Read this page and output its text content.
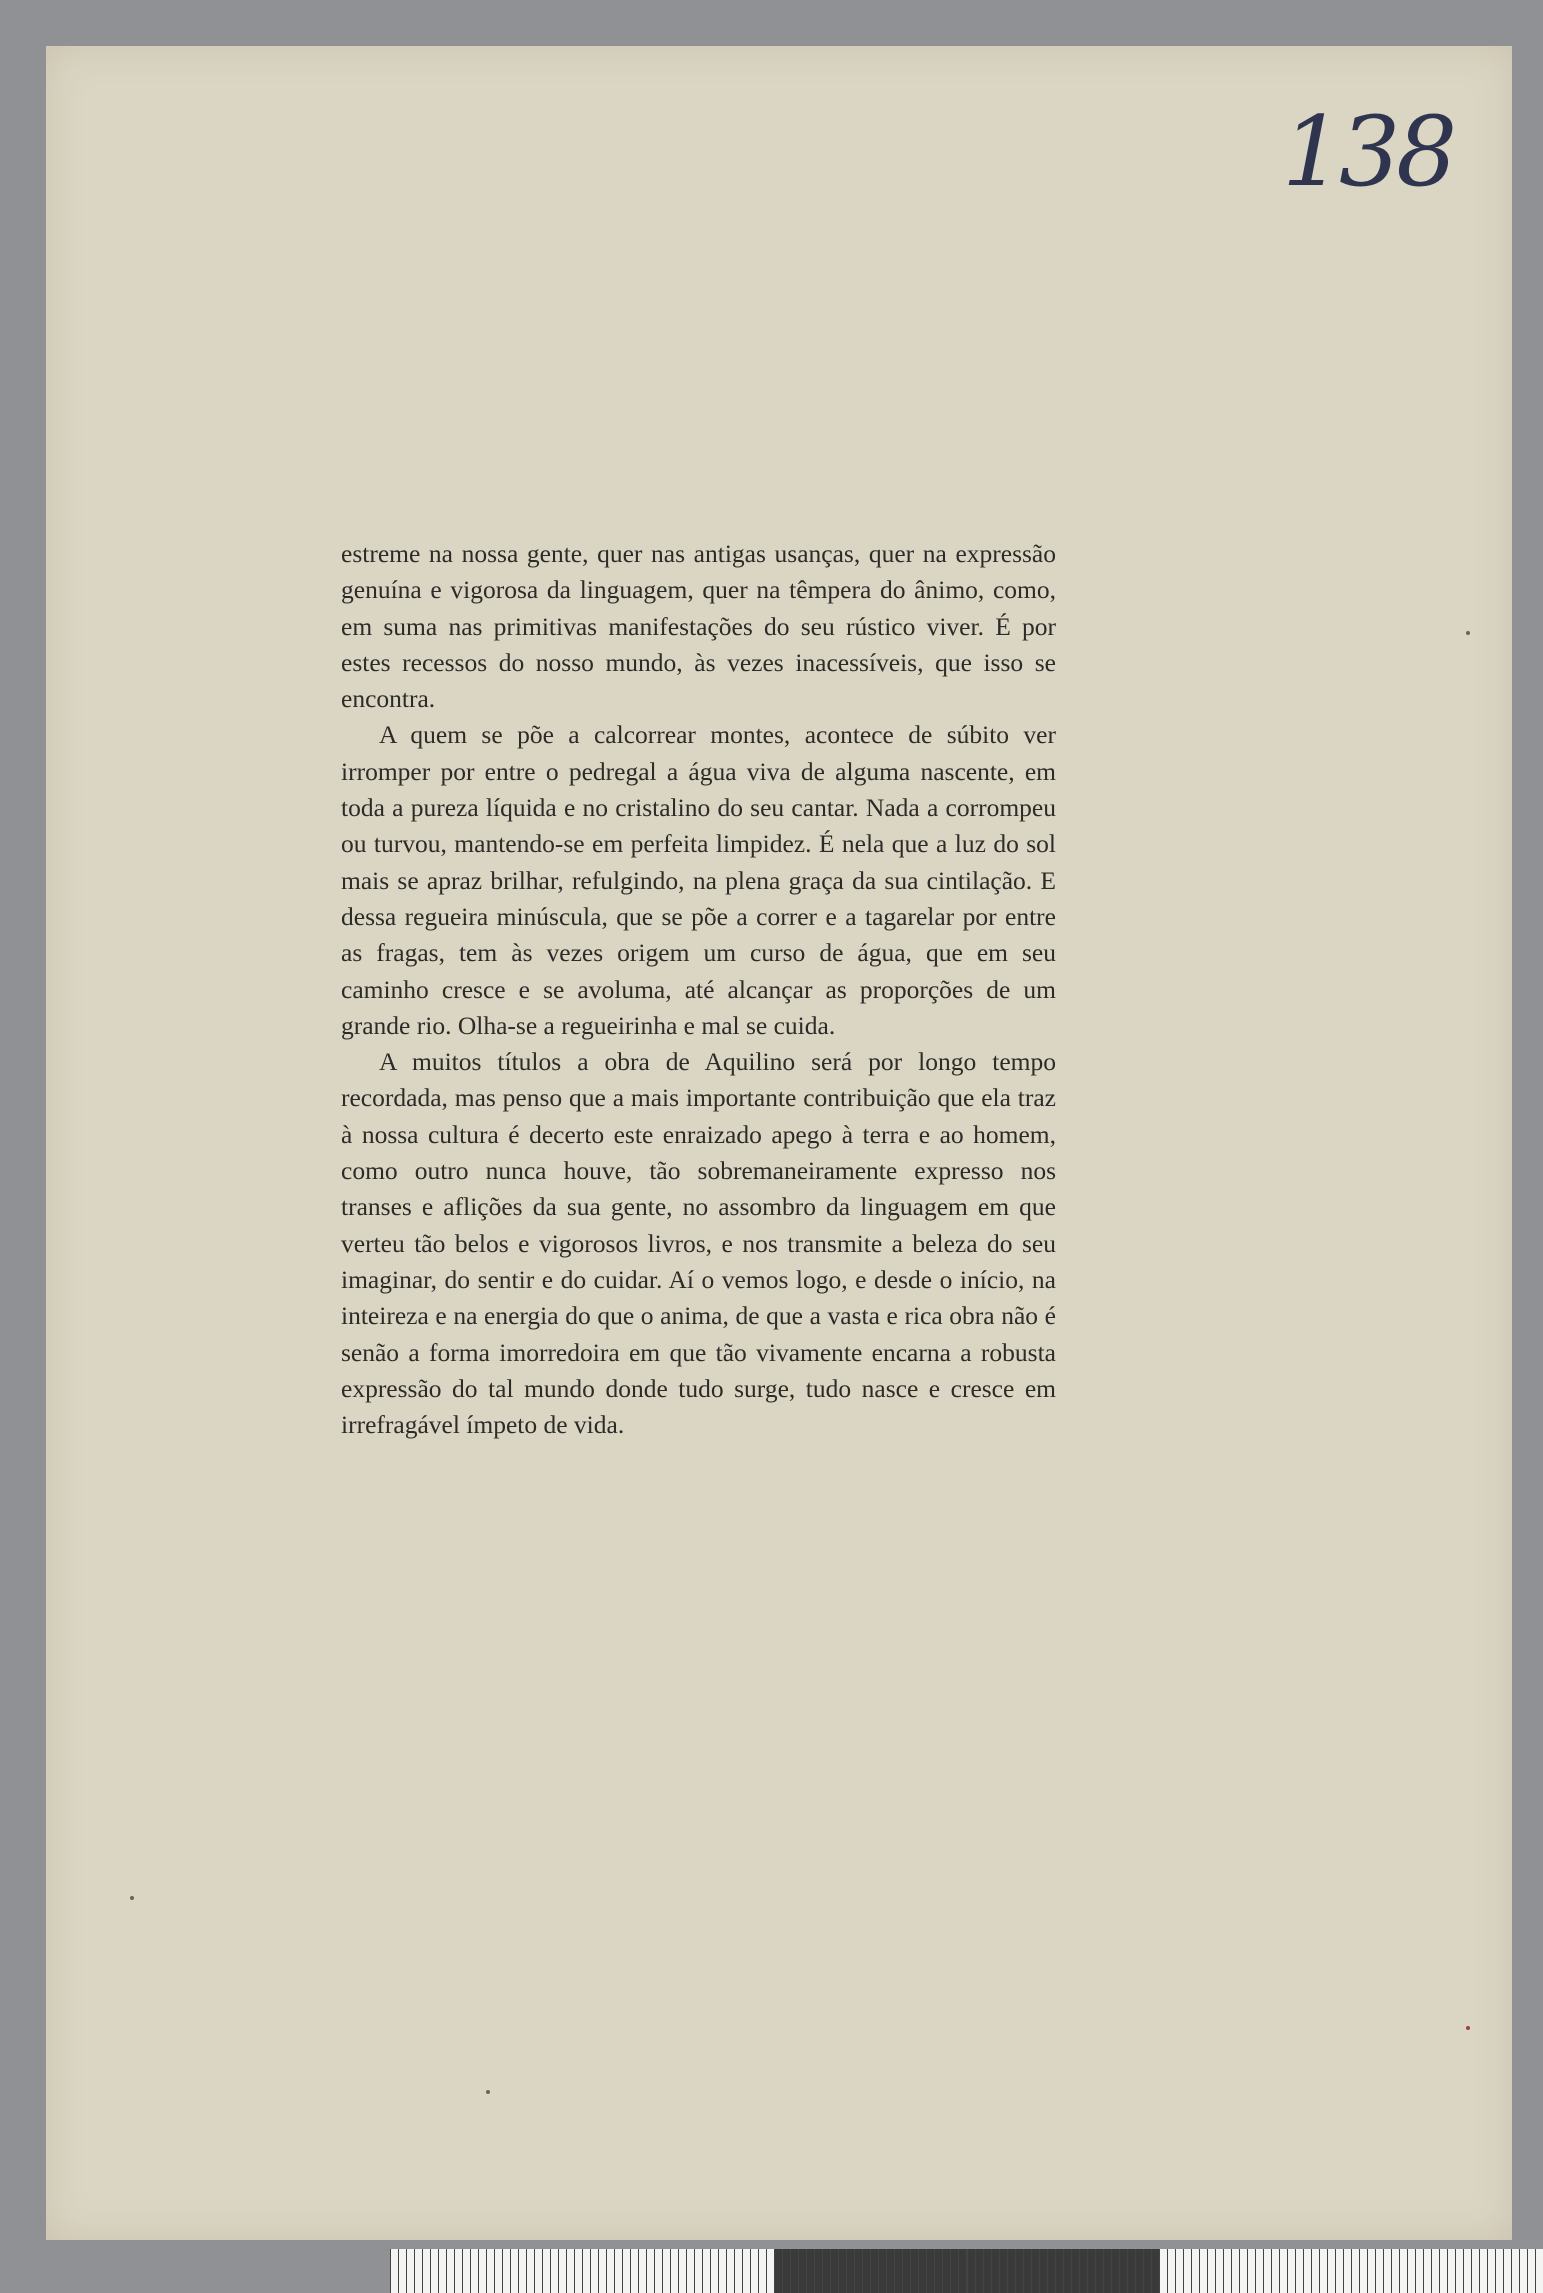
138

estreme na nossa gente, quer nas antigas usanças, quer na expressão genuína e vigorosa da linguagem, quer na têmpera do ânimo, como, em suma nas primitivas manifestações do seu rústico viver. É por estes recessos do nosso mundo, às vezes inacessíveis, que isso se encontra.

A quem se põe a calcorrear montes, acontece de súbito ver irromper por entre o pedregal a água viva de alguma nascente, em toda a pureza líquida e no cristalino do seu cantar. Nada a corrompeu ou turvou, mantendo-se em perfeita limpidez. É nela que a luz do sol mais se apraz brilhar, refulgindo, na plena graça da sua cintilação. E dessa regueira minúscula, que se põe a correr e a tagarelar por entre as fragas, tem às vezes origem um curso de água, que em seu caminho cresce e se avoluma, até alcançar as proporções de um grande rio. Olha-se a regueirinha e mal se cuida.

A muitos títulos a obra de Aquilino será por longo tempo recordada, mas penso que a mais importante contribuição que ela traz à nossa cultura é decerto este enraizado apego à terra e ao homem, como outro nunca houve, tão sobremaneiramente expresso nos transes e aflições da sua gente, no assombro da linguagem em que verteu tão belos e vigorosos livros, e nos transmite a beleza do seu imaginar, do sentir e do cuidar. Aí o vemos logo, e desde o início, na inteireza e na energia do que o anima, de que a vasta e rica obra não é senão a forma imorredoira em que tão vivamente encarna a robusta expressão do tal mundo donde tudo surge, tudo nasce e cresce em irrefragável ímpeto de vida.
